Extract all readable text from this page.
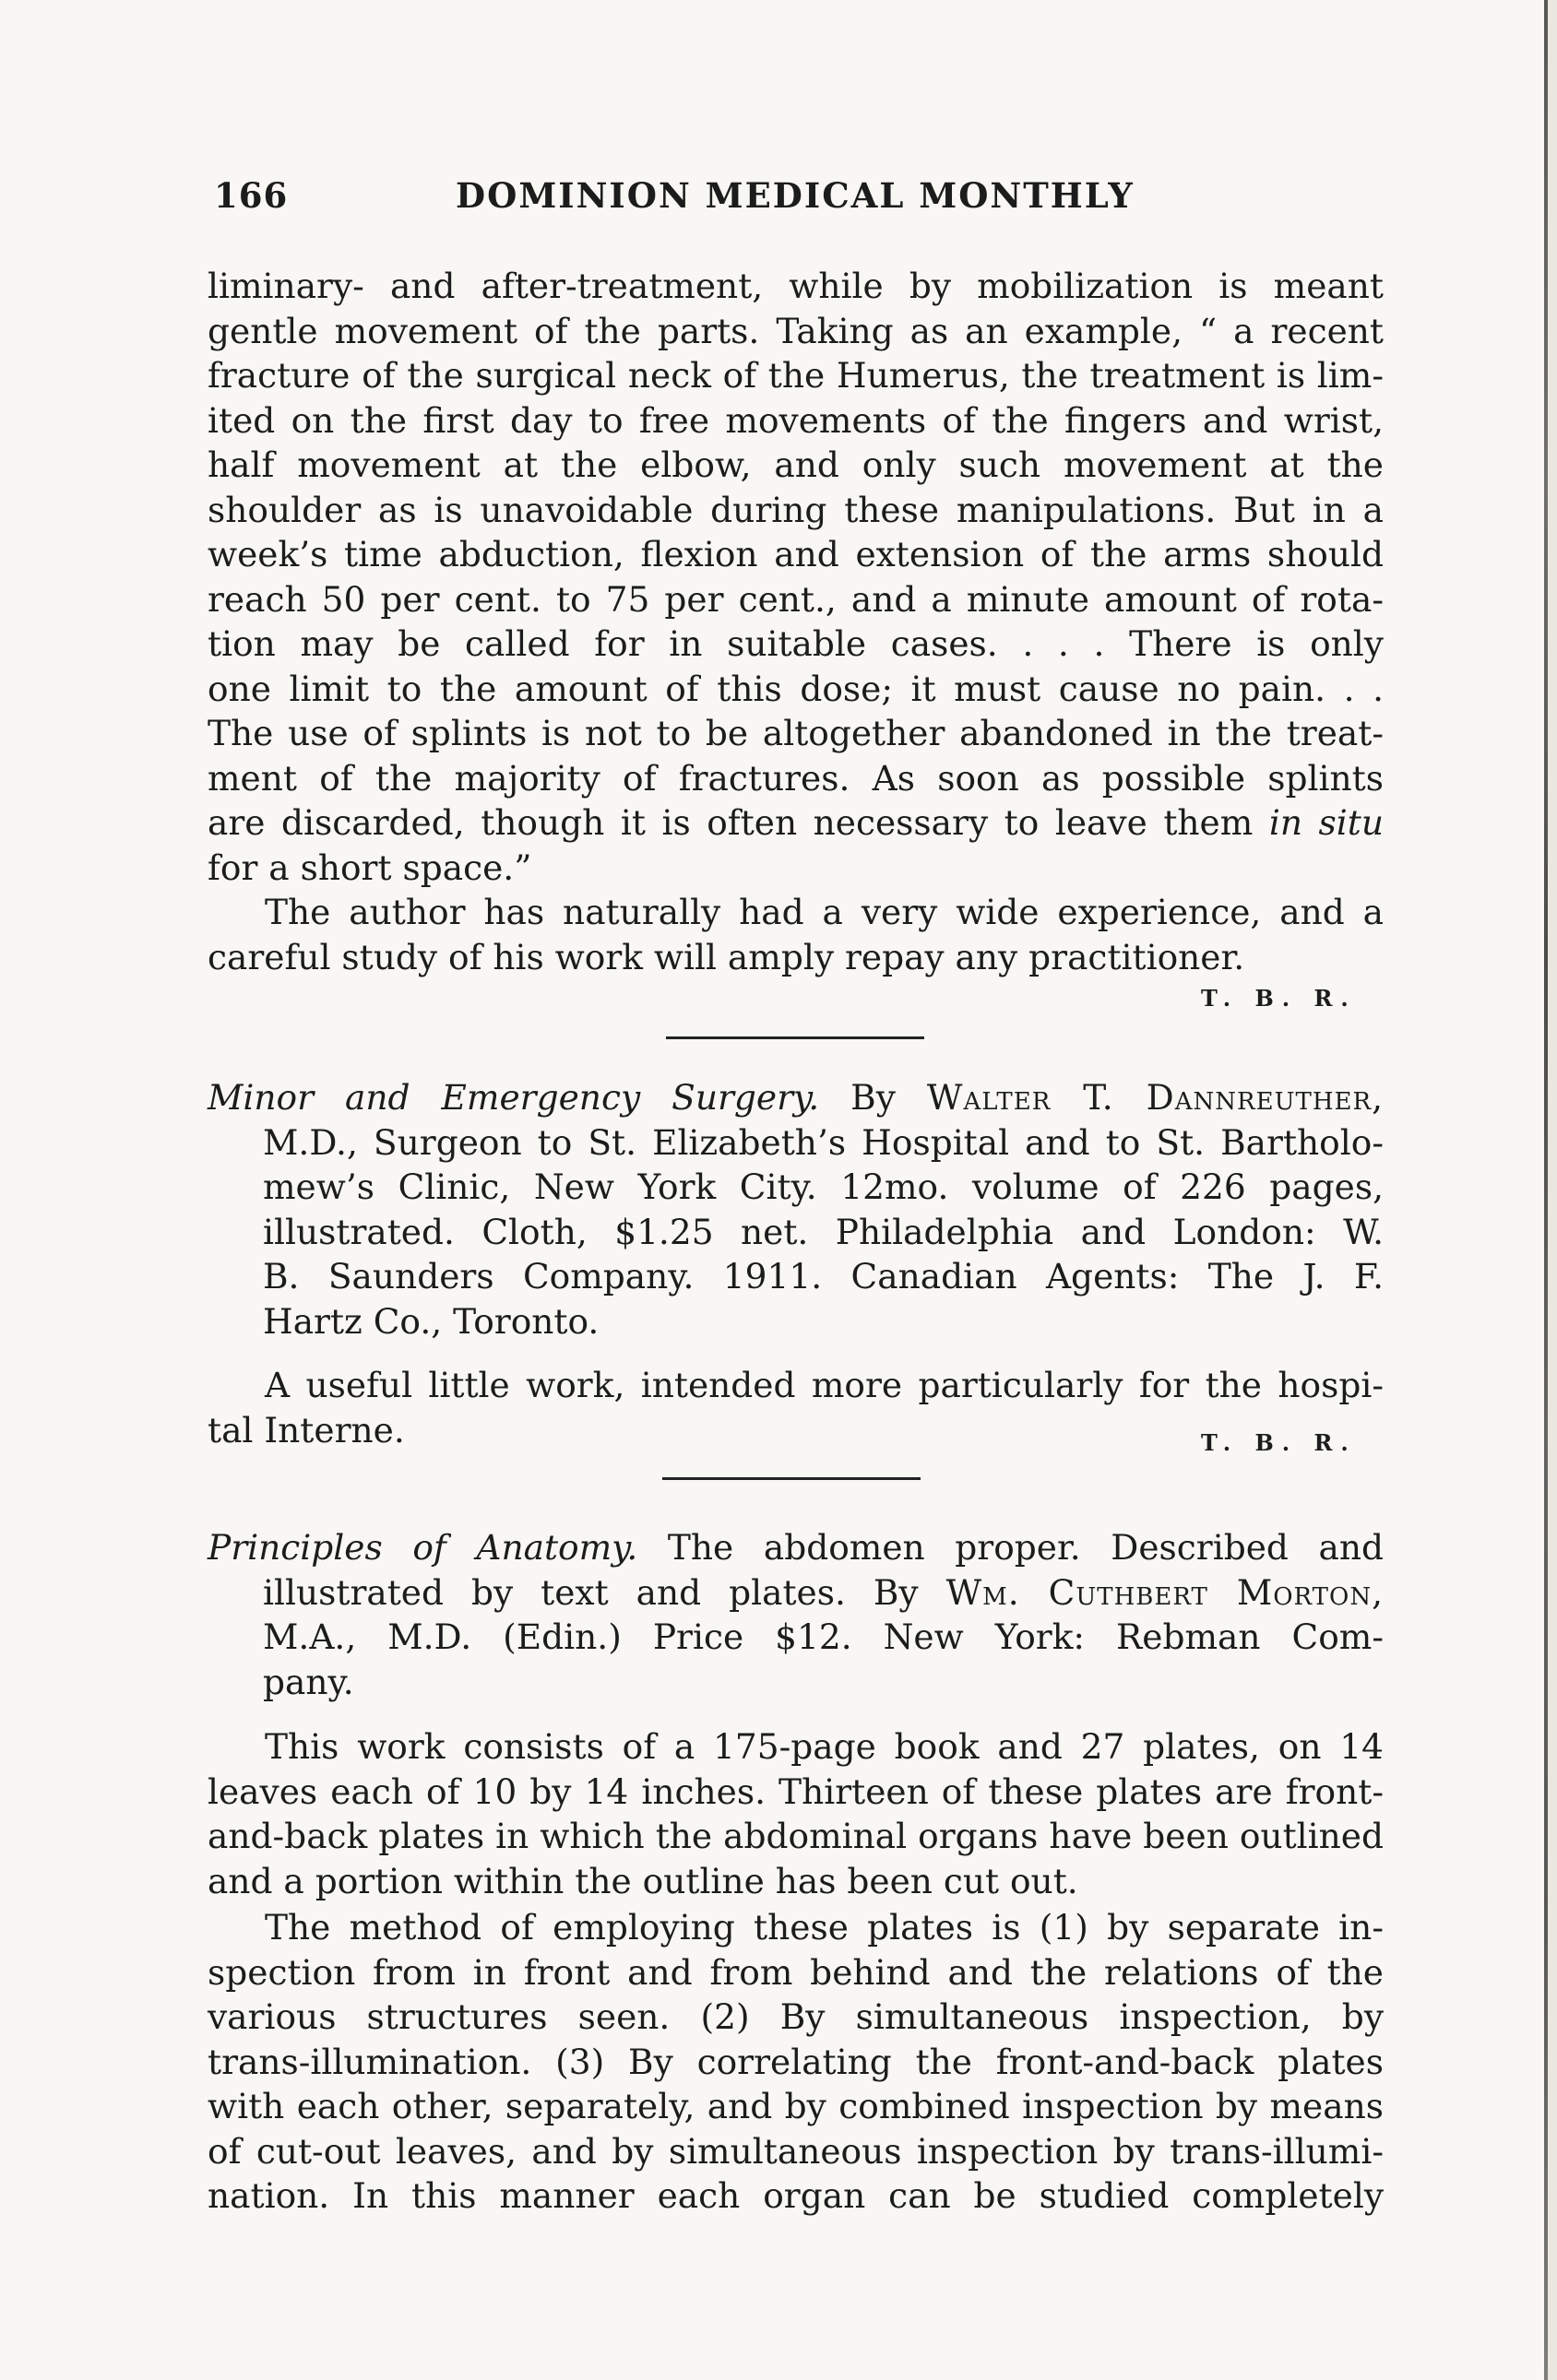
166	DOMINION MEDICAL MONTHLY
liminary- and after-treatment, while by mobilization is meant
gentle movement of the parts. Taking as an example, “ a recent
fracture of the surgical neck of the Humerus, the treatment is lim-
ited on the first day to free movements of the fingers and wrist,
half movement at the elbow, and only such movement at the
shoulder as is unavoidable during these manipulations. But in a
week’s time abduction, flexion and extension of the arms should
reach 50 per cent. to 75 per cent., and a minute amount of rota-
tion may be called for in suitable cases. . . . There is only
one limit to the amount of this dose; it must cause no pain. . .
The use of splints is not to be altogether abandoned in the treat-
ment of the majority of fractures. As soon as possible splints
are discarded, though it is often necessary to leave them in situ
for a short space.”
The author has naturally had a very wide experience, and a
careful study of his work will amply repay any practitioner.
T. B. R.
Minor and Emergency Surgery. By Walter T. Dannreuther,
M.D., Surgeon to St. Elizabeth’s Hospital and to St. Bartholo-
mew’s Clinic, New York City. 12mo. volume of 226 pages,
illustrated. Cloth, $1.25 net. Philadelphia and London: W.
B. Saunders Company. 1911. Canadian Agents: The J. F.
Hartz Co., Toronto.
A useful little work, intended more particularly for the hospi-
tal Interne.	T. B. R.
Principles of Anatomy. The abdomen proper. Described and
illustrated by text and plates. By Wm. Cuthbert Morton,
M.A., M.D. (Edin.) Price $12. New York: Rebman Com-
pany.
This work consists of a 175-page book and 27 plates, on 14
leaves each of 10 by 14 inches. Thirteen of these plates are front-
and-back plates in which the abdominal organs have been outlined
and a portion within the outline has been cut out.
The method of employing these plates is (1) by separate in-
spection from in front and from behind and the relations of the
various structures seen. (2) By simultaneous inspection, by
trans-illumination. (3) By correlating the front-and-back plates
with each other, separately, and by combined inspection by means
of cut-out leaves, and by simultaneous inspection by trans-illumi-
nation. In this manner each organ can be studied completely
